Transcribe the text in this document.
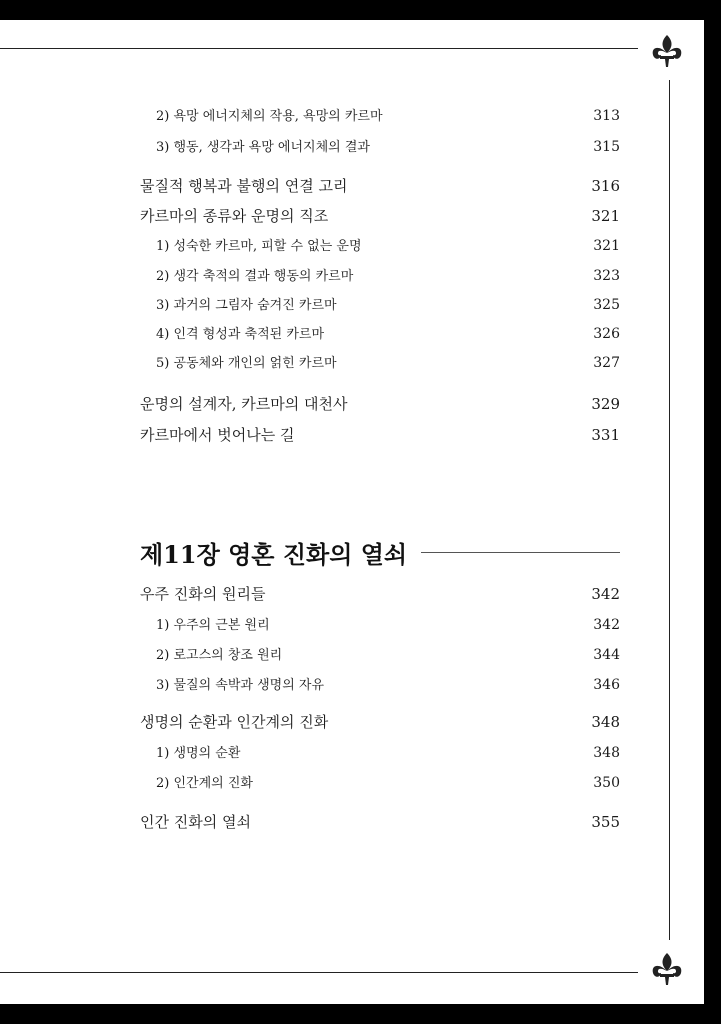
2) 욕망 에너지체의 작용, 욕망의 카르마	313
3) 행동, 생각과 욕망 에너지체의 결과	315
물질적 행복과 불행의 연결 고리	316
카르마의 종류와 운명의 직조	321
1) 성숙한 카르마, 피할 수 없는 운명	321
2) 생각 축적의 결과 행동의 카르마	323
3) 과거의 그림자 숨겨진 카르마	325
4) 인격 형성과 축적된 카르마	326
5) 공동체와 개인의 얽힌 카르마	327
운명의 설계자, 카르마의 대천사	329
카르마에서 벗어나는 길	331
제11장 영혼 진화의 열쇠
우주 진화의 원리들	342
1) 우주의 근본 원리	342
2) 로고스의 창조 원리	344
3) 물질의 속박과 생명의 자유	346
생명의 순환과 인간계의 진화	348
1) 생명의 순환	348
2) 인간계의 진화	350
인간 진화의 열쇠	355
